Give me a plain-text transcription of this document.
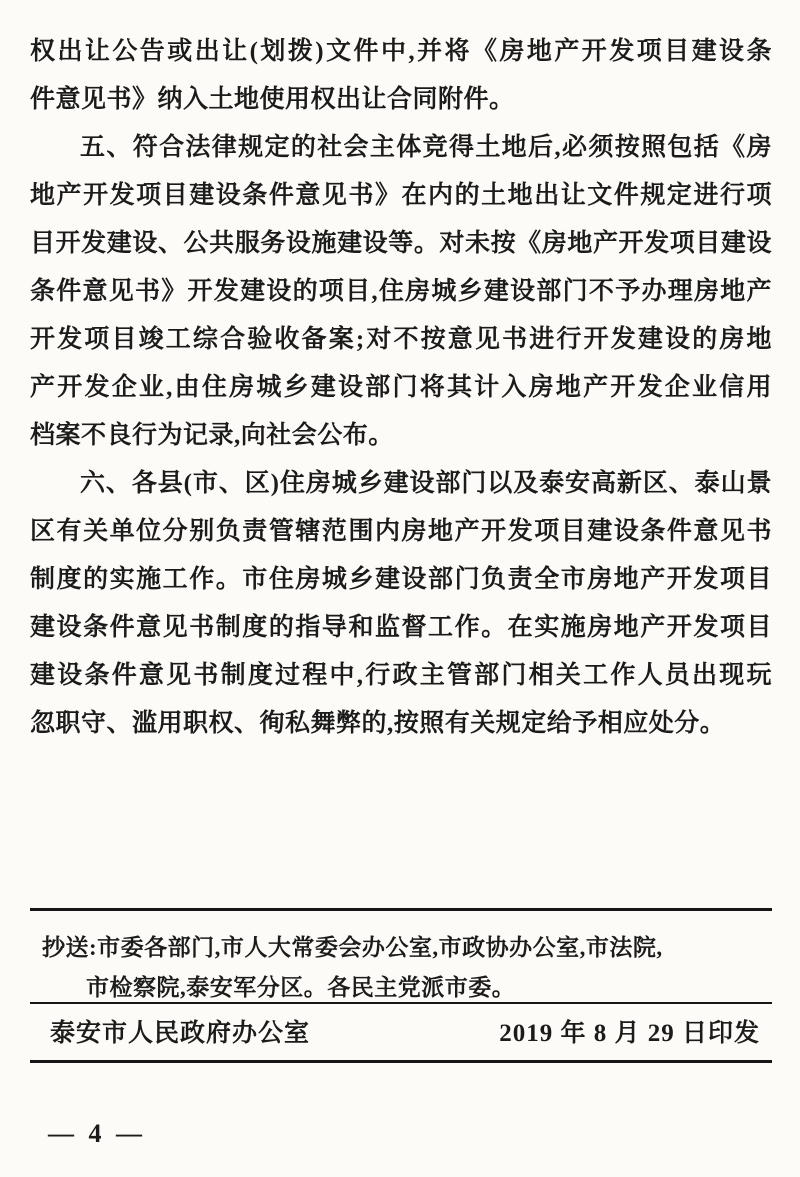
权出让公告或出让(划拨)文件中,并将《房地产开发项目建设条
件意见书》纳入土地使用权出让合同附件。
五、符合法律规定的社会主体竞得土地后,必须按照包括《房
地产开发项目建设条件意见书》在内的土地出让文件规定进行项
目开发建设、公共服务设施建设等。对未按《房地产开发项目建设
条件意见书》开发建设的项目,住房城乡建设部门不予办理房地产
开发项目竣工综合验收备案;对不按意见书进行开发建设的房地
产开发企业,由住房城乡建设部门将其计入房地产开发企业信用
档案不良行为记录,向社会公布。
六、各县(市、区)住房城乡建设部门以及泰安高新区、泰山景
区有关单位分别负责管辖范围内房地产开发项目建设条件意见书
制度的实施工作。市住房城乡建设部门负责全市房地产开发项目
建设条件意见书制度的指导和监督工作。在实施房地产开发项目
建设条件意见书制度过程中,行政主管部门相关工作人员出现玩
忽职守、滥用职权、徇私舞弊的,按照有关规定给予相应处分。
抄送:市委各部门,市人大常委会办公室,市政协办公室,市法院,
市检察院,泰安军分区。各民主党派市委。
泰安市人民政府办公室	2019 年 8 月 29 日印发
— 4 —
